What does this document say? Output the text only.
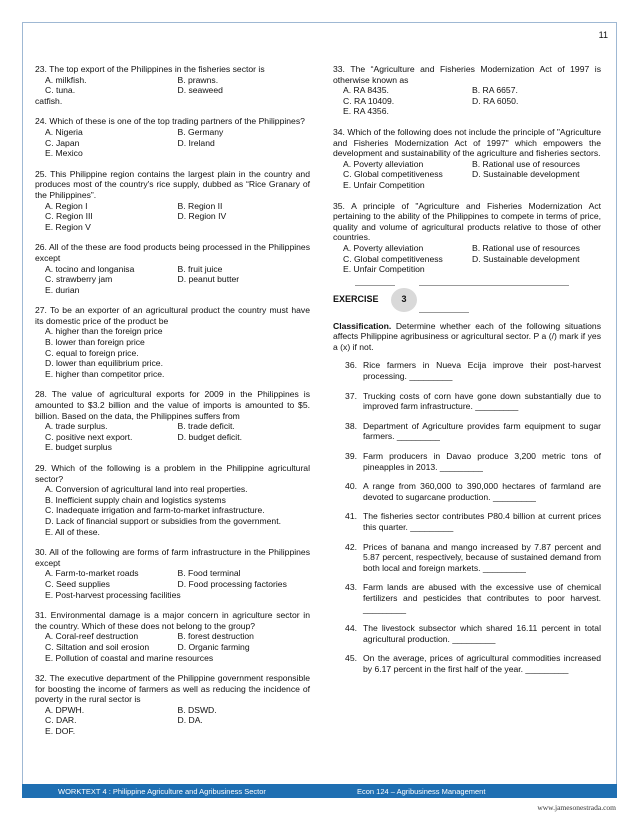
11
23. The top export of the Philippines in the fisheries sector is
A. milkfish.	B. prawns.
C. tuna.	D. seaweed
catfish.
24. Which of these is one of the top trading partners of the Philippines?
A. Nigeria	B. Germany
C. Japan	D. Ireland
E. Mexico
25. This Philippine region contains the largest plain in the country and produces most of the country's rice supply, dubbed as “Rice Granary of the Philippines”.
A. Region I	B. Region II
C. Region III	D. Region IV
E. Region V
26. All of the these are food products being processed in the Philippines except
A. tocino and longanisa	B. fruit juice
C. strawberry jam	D. peanut butter
E. durian
27. To be an exporter of an agricultural product the country must have its domestic price of the product be
A. higher than the foreign price
B. lower than foreign price
C. equal to foreign price.
D. lower than equilibrium price.
E. higher than competitor price.
28. The value of agricultural exports for 2009 in the Philippines is amounted to $3.2 billion and the value of imports is amounted to $5. billion. Based on the data, the Philippines suffers from
A. trade surplus.	B. trade deficit.
C. positive next export.	D. budget deficit.
E. budget surplus
29. Which of the following is a problem in the Philippine agricultural sector?
A. Conversion of agricultural land into real properties.
B. Inefficient supply chain and logistics systems
C. Inadequate irrigation and farm-to-market infrastructure.
D. Lack of financial support or subsidies from the government.
E. All of these.
30. All of the following are forms of farm infrastructure in the Philippines except
A. Farm-to-market roads	B. Food terminal
C. Seed supplies	D. Food processing factories
E. Post-harvest processing facilities
31. Environmental damage is a major concern in agriculture sector in the country. Which of these does not belong to the group?
A. Coral-reef destruction	B. forest destruction
C. Siltation and soil erosion	D. Organic farming
E. Pollution of coastal and marine resources
32. The executive department of the Philippine government responsible for boosting the income of farmers as well as reducing the incidence of poverty in the rural sector is
A. DPWH.	B. DSWD.
C. DAR.	D. DA.
E. DOF.
33. The “Agriculture and Fisheries Modernization Act of 1997 is otherwise known as
A. RA 8435.	B. RA 6657.
C. RA 10409.	D. RA 6050.
E. RA 4356.
34. Which of the following does not include the principle of "Agriculture and Fisheries Modernization Act of 1997" which empowers the development and sustainability of the agriculture and fisheries sectors.
A. Poverty alleviation	B. Rational use of resources
C. Global competitiveness	D. Sustainable development
E. Unfair Competition
35. A principle of "Agriculture and Fisheries Modernization Act pertaining to the ability of the Philippines to compete in terms of price, quality and volume of agricultural products relative to those of other countries.
A. Poverty alleviation	B. Rational use of resources
C. Global competitiveness	D. Sustainable development
E. Unfair Competition
EXERCISE	3
Classification. Determine whether each of the following situations affects Philippine agribusiness or agricultural sector. P a (/) mark if yes a (x) if not.
36. Rice farmers in Nueva Ecija improve their post-harvest processing. _________
37. Trucking costs of corn have gone down substantially due to improved farm infrastructure. _________
38. Department of Agriculture provides farm equipment to sugar farmers. _________
39. Farm producers in Davao produce 3,200 metric tons of pineapples in 2013. _________
40. A range from 360,000 to 390,000 hectares of farmland are devoted to sugarcane production. _________
41. The fisheries sector contributes P80.4 billion at current prices this quarter. _________
42. Prices of banana and mango increased by 7.87 percent and 5.87 percent, respectively, because of sustained demand from both local and foreign markets. _________
43. Farm lands are abused with the excessive use of chemical fertilizers and pesticides that contributes to poor harvest. _________
44. The livestock subsector which shared 16.11 percent in total agricultural production. _________
45. On the average, prices of agricultural commodities increased by 6.17 percent in the first half of the year. _________
WORKTEXT 4 : Philippine Agriculture and Agribusiness Sector	Econ 124 – Agribusiness Management
www.jamesonestrada.com
